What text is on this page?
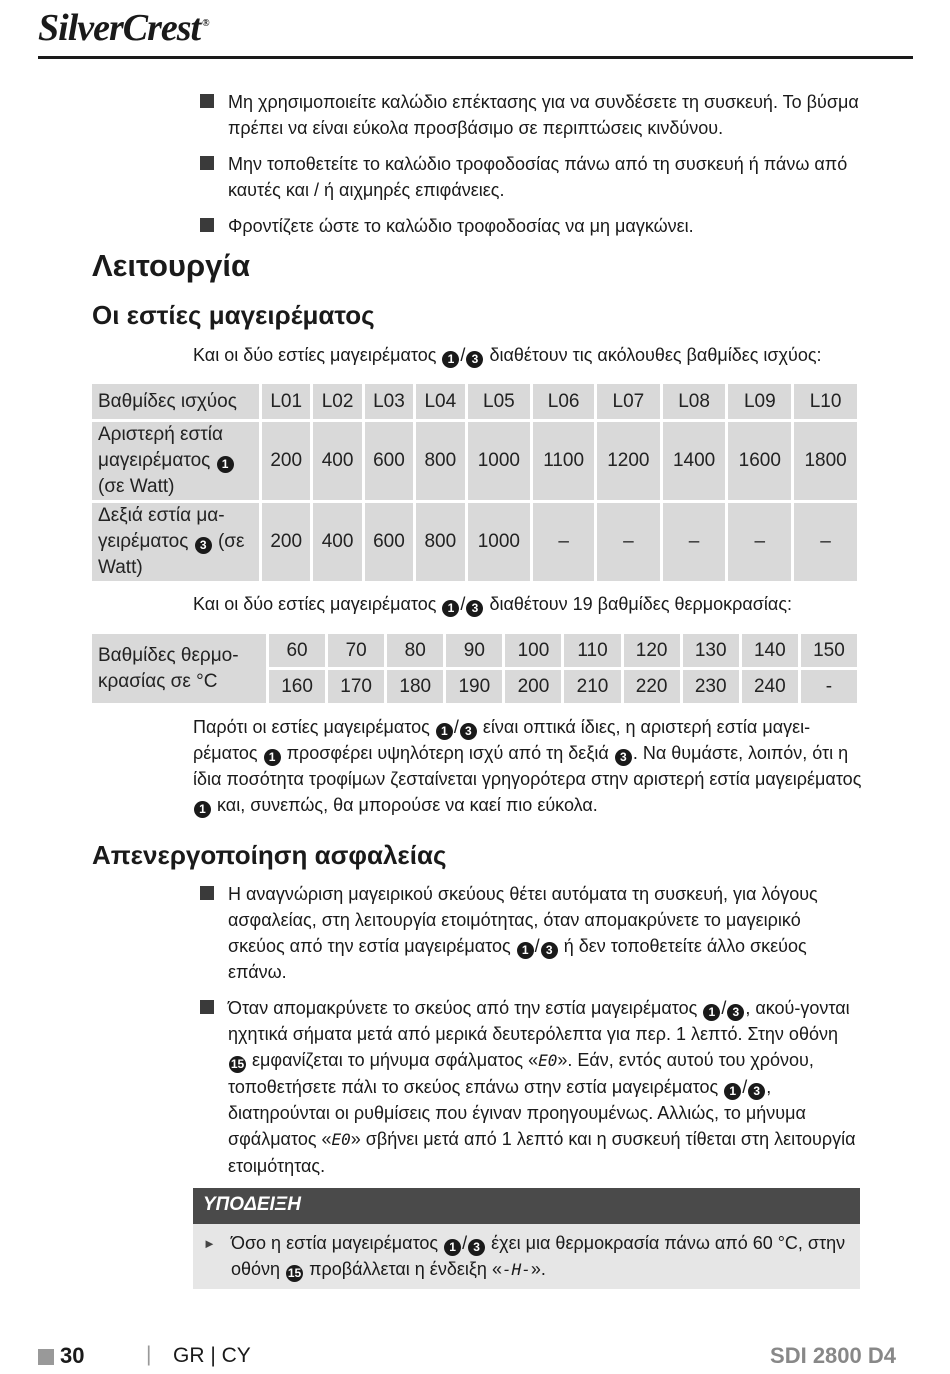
SilverCrest ®
Μη χρησιμοποιείτε καλώδιο επέκτασης για να συνδέσετε τη συσκευή. Το βύσμα πρέπει να είναι εύκολα προσβάσιμο σε περιπτώσεις κινδύνου.
Μην τοποθετείτε το καλώδιο τροφοδοσίας πάνω από τη συσκευή ή πάνω από καυτές και / ή αιχμηρές επιφάνειες.
Φροντίζετε ώστε το καλώδιο τροφοδοσίας να μη μαγκώνει.
Λειτουργία
Οι εστίες μαγειρέματος

Και οι δύο εστίες μαγειρέματος 1 / 3 διαθέτουν τις ακόλουθες βαθμίδες ισχύος:

Βαθμίδες ισχύος	L01	L02	L03	L04	L05	L06	L07	L08	L09	L10
Αριστερή εστία μαγειρέματος 1 (σε Watt)	200	400	600	800	1000	1100	1200	1400	1600	1800
Δεξιά εστία μα-γειρέματος 3 (σε Watt)	200	400	600	800	1000	–	–	–	–	–

Και οι δύο εστίες μαγειρέματος 1 / 3 διαθέτουν 19 βαθμίδες θερμοκρασίας:

Βαθμίδες θερμο-κρασίας σε °C	60	70	80	90	100	110	120	130	140	150
	160	170	180	190	200	210	220	230	240	-

Παρότι οι εστίες μαγειρέματος 1 / 3 είναι οπτικά ίδιες, η αριστερή εστία μαγει-ρέματος 1 προσφέρει υψηλότερη ισχύ από τη δεξιά 3 . Να θυμάστε, λοιπόν, ότι η ίδια ποσότητα τροφίμων ζεσταίνεται γρηγορότερα στην αριστερή εστία μαγειρέματος 1 και, συνεπώς, θα μπορούσε να καεί πιο εύκολα.

Απενεργοποίηση ασφαλείας
Η αναγνώριση μαγειρικού σκεύους θέτει αυτόματα τη συσκευή, για λόγους ασφαλείας, στη λειτουργία ετοιμότητας, όταν απομακρύνετε το μαγειρικό σκεύος από την εστία μαγειρέματος 1 / 3 ή δεν τοποθετείτε άλλο σκεύος επάνω.
Όταν απομακρύνετε το σκεύος από την εστία μαγειρέματος 1 / 3 , ακού-γονται ηχητικά σήματα μετά από μερικά δευτερόλεπτα για περ. 1 λεπτό. Στην οθόνη 15 εμφανίζεται το μήνυμα σφάλματος «E0». Εάν, εντός αυτού του χρόνου, τοποθετήσετε πάλι το σκεύος επάνω στην εστία μαγειρέματος 1 / 3 , διατηρούνται οι ρυθμίσεις που έγιναν προηγουμένως. Αλλιώς, το μήνυμα σφάλματος «E0» σβήνει μετά από 1 λεπτό και η συσκευή τίθεται στη λειτουργία ετοιμότητας.
ΥΠΟΔΕΙΞΗ
► Όσο η εστία μαγειρέματος 1 / 3 έχει μια θερμοκρασία πάνω από 60 °C, στην οθόνη 15 προβάλλεται η ένδειξη «-H-».
30	| GR | CY	SDI 2800 D4
